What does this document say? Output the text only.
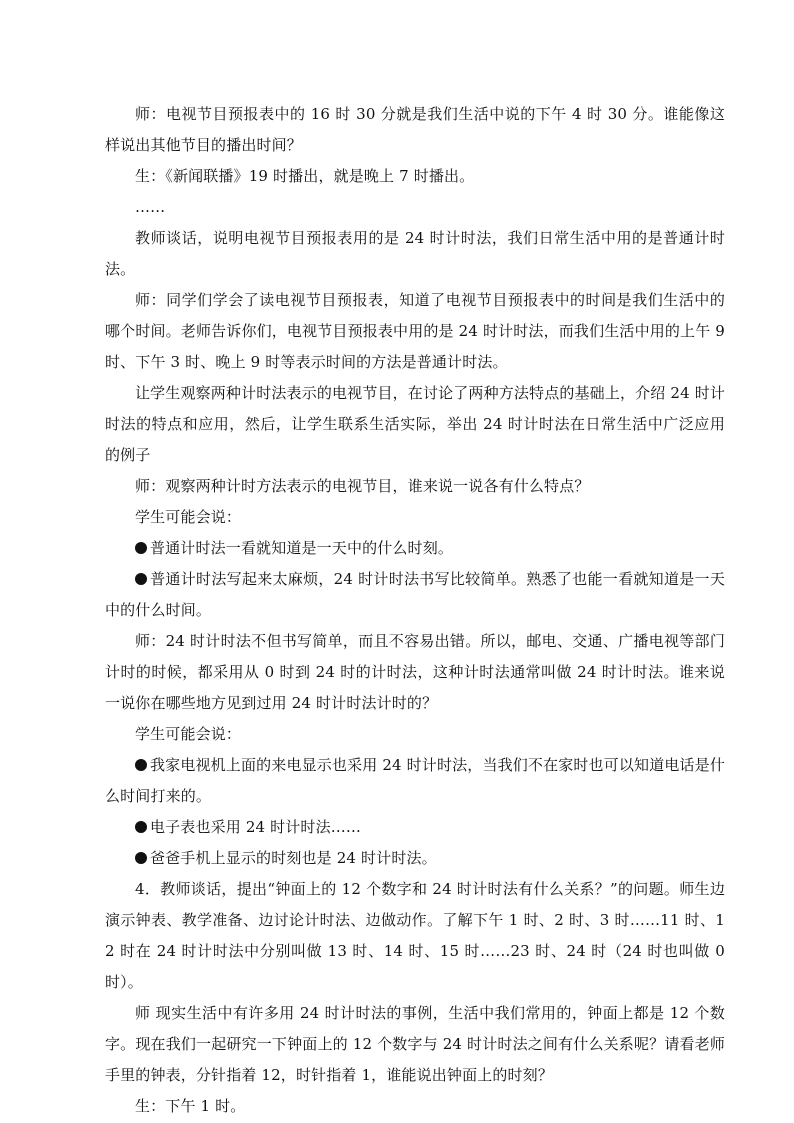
师：电视节目预报表中的 16 时 30 分就是我们生活中说的下午 4 时 30 分。谁能像这样说出其他节目的播出时间？

生：《新闻联播》19 时播出，就是晚上 7 时播出。

……

教师谈话，说明电视节目预报表用的是 24 时计时法，我们日常生活中用的是普通计时法。

师：同学们学会了读电视节目预报表，知道了电视节目预报表中的时间是我们生活中的哪个时间。老师告诉你们，电视节目预报表中用的是 24 时计时法，而我们生活中用的上午 9 时、下午 3 时、晚上 9 时等表示时间的方法是普通计时法。

让学生观察两种计时法表示的电视节目，在讨论了两种方法特点的基础上，介绍 24 时计时法的特点和应用，然后，让学生联系生活实际，举出 24 时计时法在日常生活中广泛应用的例子

师：观察两种计时方法表示的电视节目，谁来说一说各有什么特点？

学生可能会说：

普通计时法一看就知道是一天中的什么时刻。

普通计时法写起来太麻烦，24 时计时法书写比较简单。熟悉了也能一看就知道是一天中的什么时间。

师：24 时计时法不但书写简单，而且不容易出错。所以，邮电、交通、广播电视等部门计时的时候，都采用从 0 时到 24 时的计时法，这种计时法通常叫做 24 时计时法。谁来说一说你在哪些地方见到过用 24 时计时法计时的？

学生可能会说：

我家电视机上面的来电显示也采用 24 时计时法，当我们不在家时也可以知道电话是什么时间打来的。

电子表也采用 24 时计时法……

爸爸手机上显示的时刻也是 24 时计时法。

4．教师谈话，提出“钟面上的 12 个数字和 24 时计时法有什么关系？”的问题。师生边演示钟表、教学准备、边讨论计时法、边做动作。了解下午 1 时、2 时、3 时……11 时、12 时在 24 时计时法中分别叫做 13 时、14 时、15 时……23 时、24 时（24 时也叫做 0 时）。

师 现实生活中有许多用 24 时计时法的事例，生活中我们常用的，钟面上都是 12 个数字。现在我们一起研究一下钟面上的 12 个数字与 24 时计时法之间有什么关系呢？请看老师手里的钟表，分针指着 12，时针指着 1，谁能说出钟面上的时刻？

生：下午 1 时。
